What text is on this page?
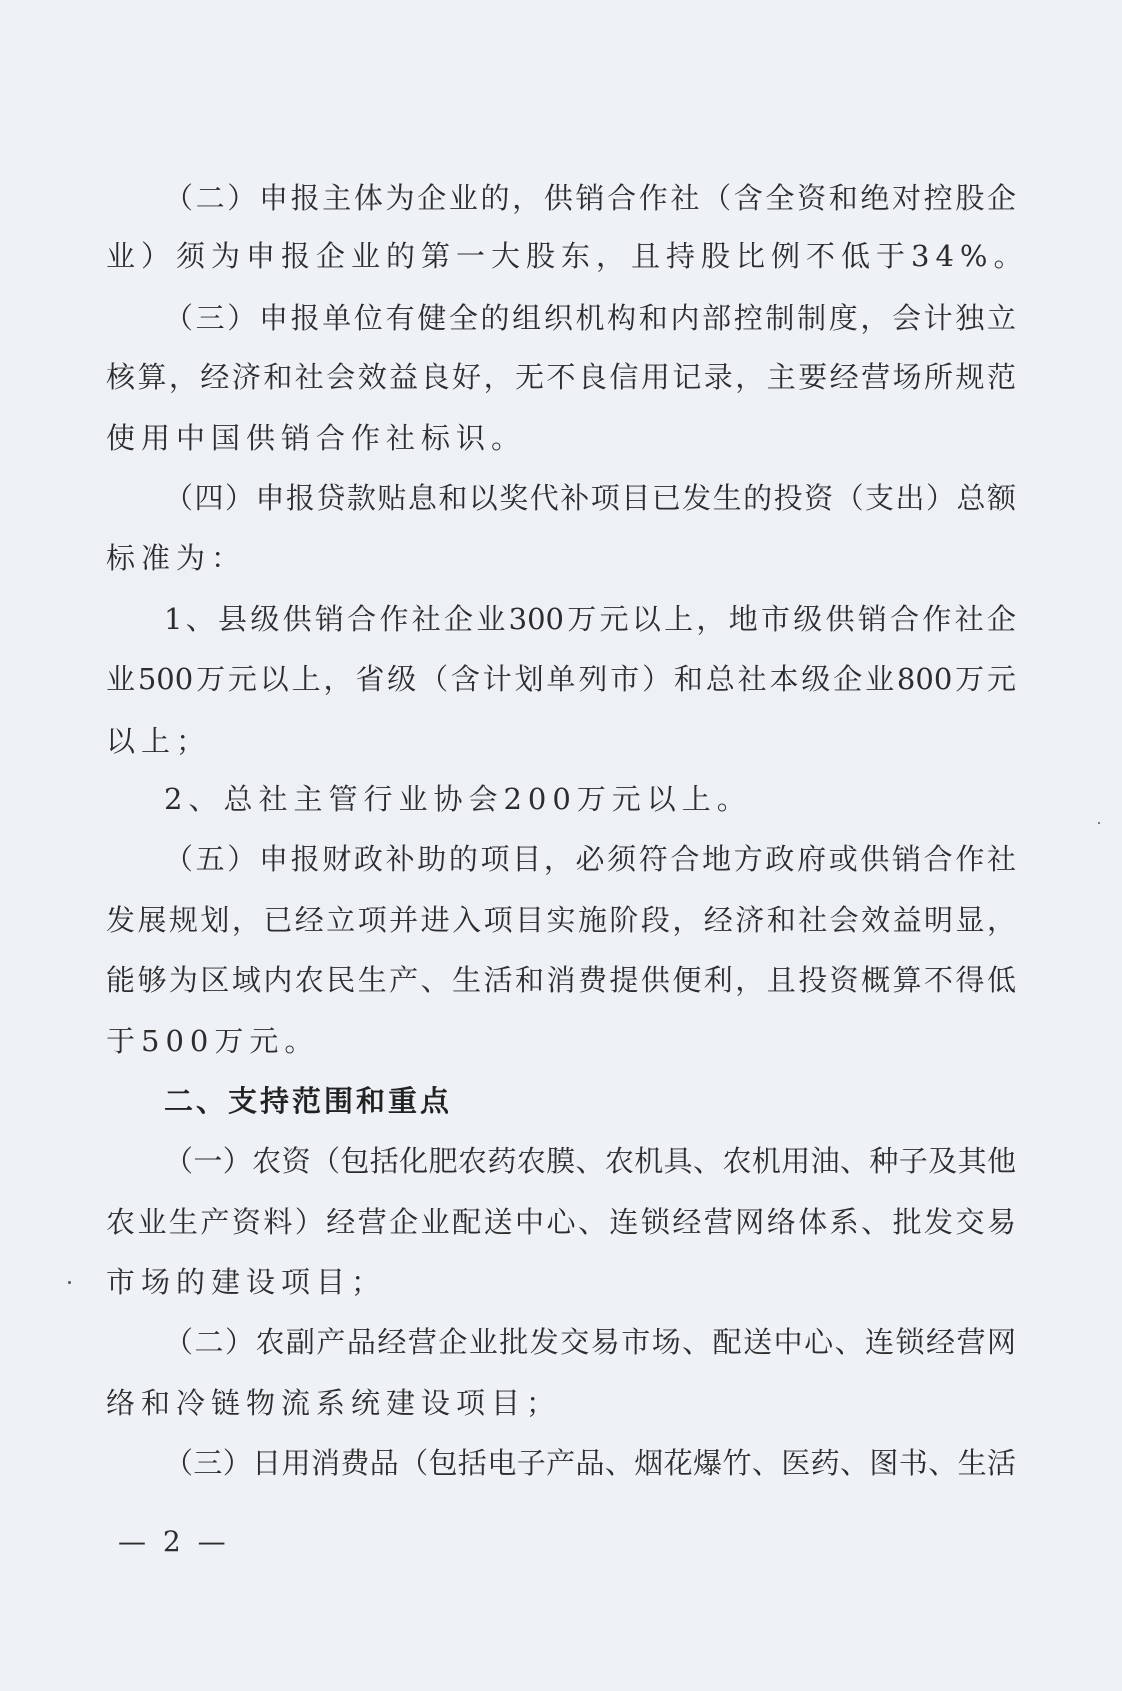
（二）申报主体为企业的，供销合作社（含全资和绝对控股企
业）须为申报企业的第一大股东，且持股比例不低于34%。
（三）申报单位有健全的组织机构和内部控制制度，会计独立
核算，经济和社会效益良好，无不良信用记录，主要经营场所规范
使用中国供销合作社标识。
（四）申报贷款贴息和以奖代补项目已发生的投资（支出）总额
标准为：
1、县级供销合作社企业300万元以上，地市级供销合作社企
业500万元以上，省级（含计划单列市）和总社本级企业800万元
以上；
2、总社主管行业协会200万元以上。
（五）申报财政补助的项目，必须符合地方政府或供销合作社
发展规划，已经立项并进入项目实施阶段，经济和社会效益明显，
能够为区域内农民生产、生活和消费提供便利，且投资概算不得低
于500万元。
二、支持范围和重点
（一）农资（包括化肥农药农膜、农机具、农机用油、种子及其他
农业生产资料）经营企业配送中心、连锁经营网络体系、批发交易
市场的建设项目；
（二）农副产品经营企业批发交易市场、配送中心、连锁经营网
络和冷链物流系统建设项目；
（三）日用消费品（包括电子产品、烟花爆竹、医药、图书、生活
— 2 —
